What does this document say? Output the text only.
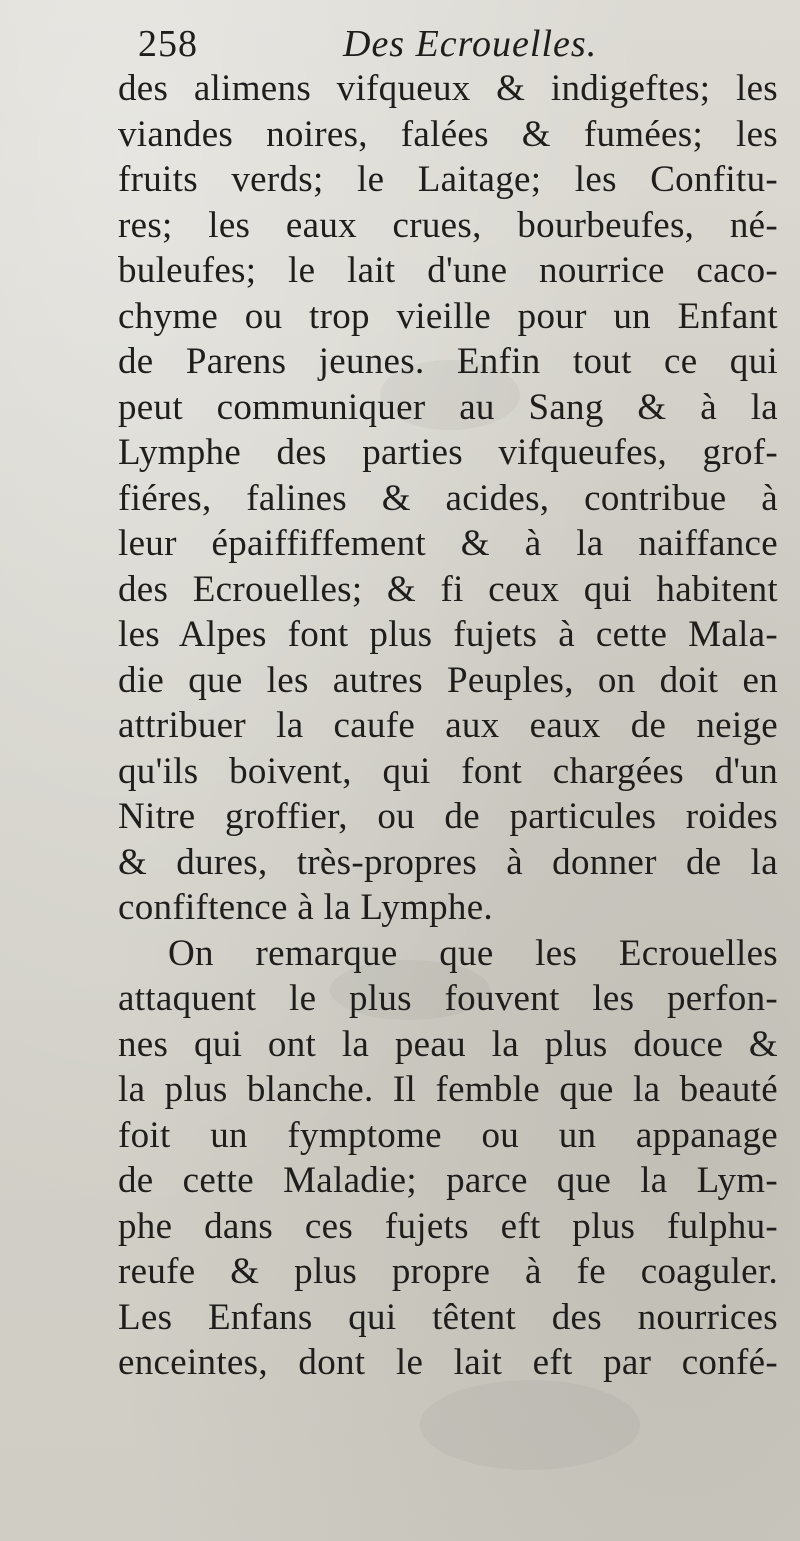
258	Des Ecrouelles.
des alimens vifqueux & indigeftes; les
viandes noires, falées & fumées; les
fruits verds; le Laitage; les Confitu-
res; les eaux crues, bourbeufes, né-
buleufes; le lait d'une nourrice caco-
chyme ou trop vieille pour un Enfant
de Parens jeunes. Enfin tout ce qui
peut communiquer au Sang & à la
Lymphe des parties vifqueufes, grof-
fiéres, falines & acides, contribue à
leur épaiffiffement & à la naiffance
des Ecrouelles; & fi ceux qui habitent
les Alpes font plus fujets à cette Mala-
die que les autres Peuples, on doit en
attribuer la caufe aux eaux de neige
qu'ils boivent, qui font chargées d'un
Nitre groffier, ou de particules roides
& dures, très-propres à donner de la
confiftence à la Lymphe.
On remarque que les Ecrouelles
attaquent le plus fouvent les perfon-
nes qui ont la peau la plus douce &
la plus blanche. Il femble que la beauté
foit un fymptome ou un appanage
de cette Maladie; parce que la Lym-
phe dans ces fujets eft plus fulphu-
reufe & plus propre à fe coaguler.
Les Enfans qui têtent des nourrices
enceintes, dont le lait eft par confé-
